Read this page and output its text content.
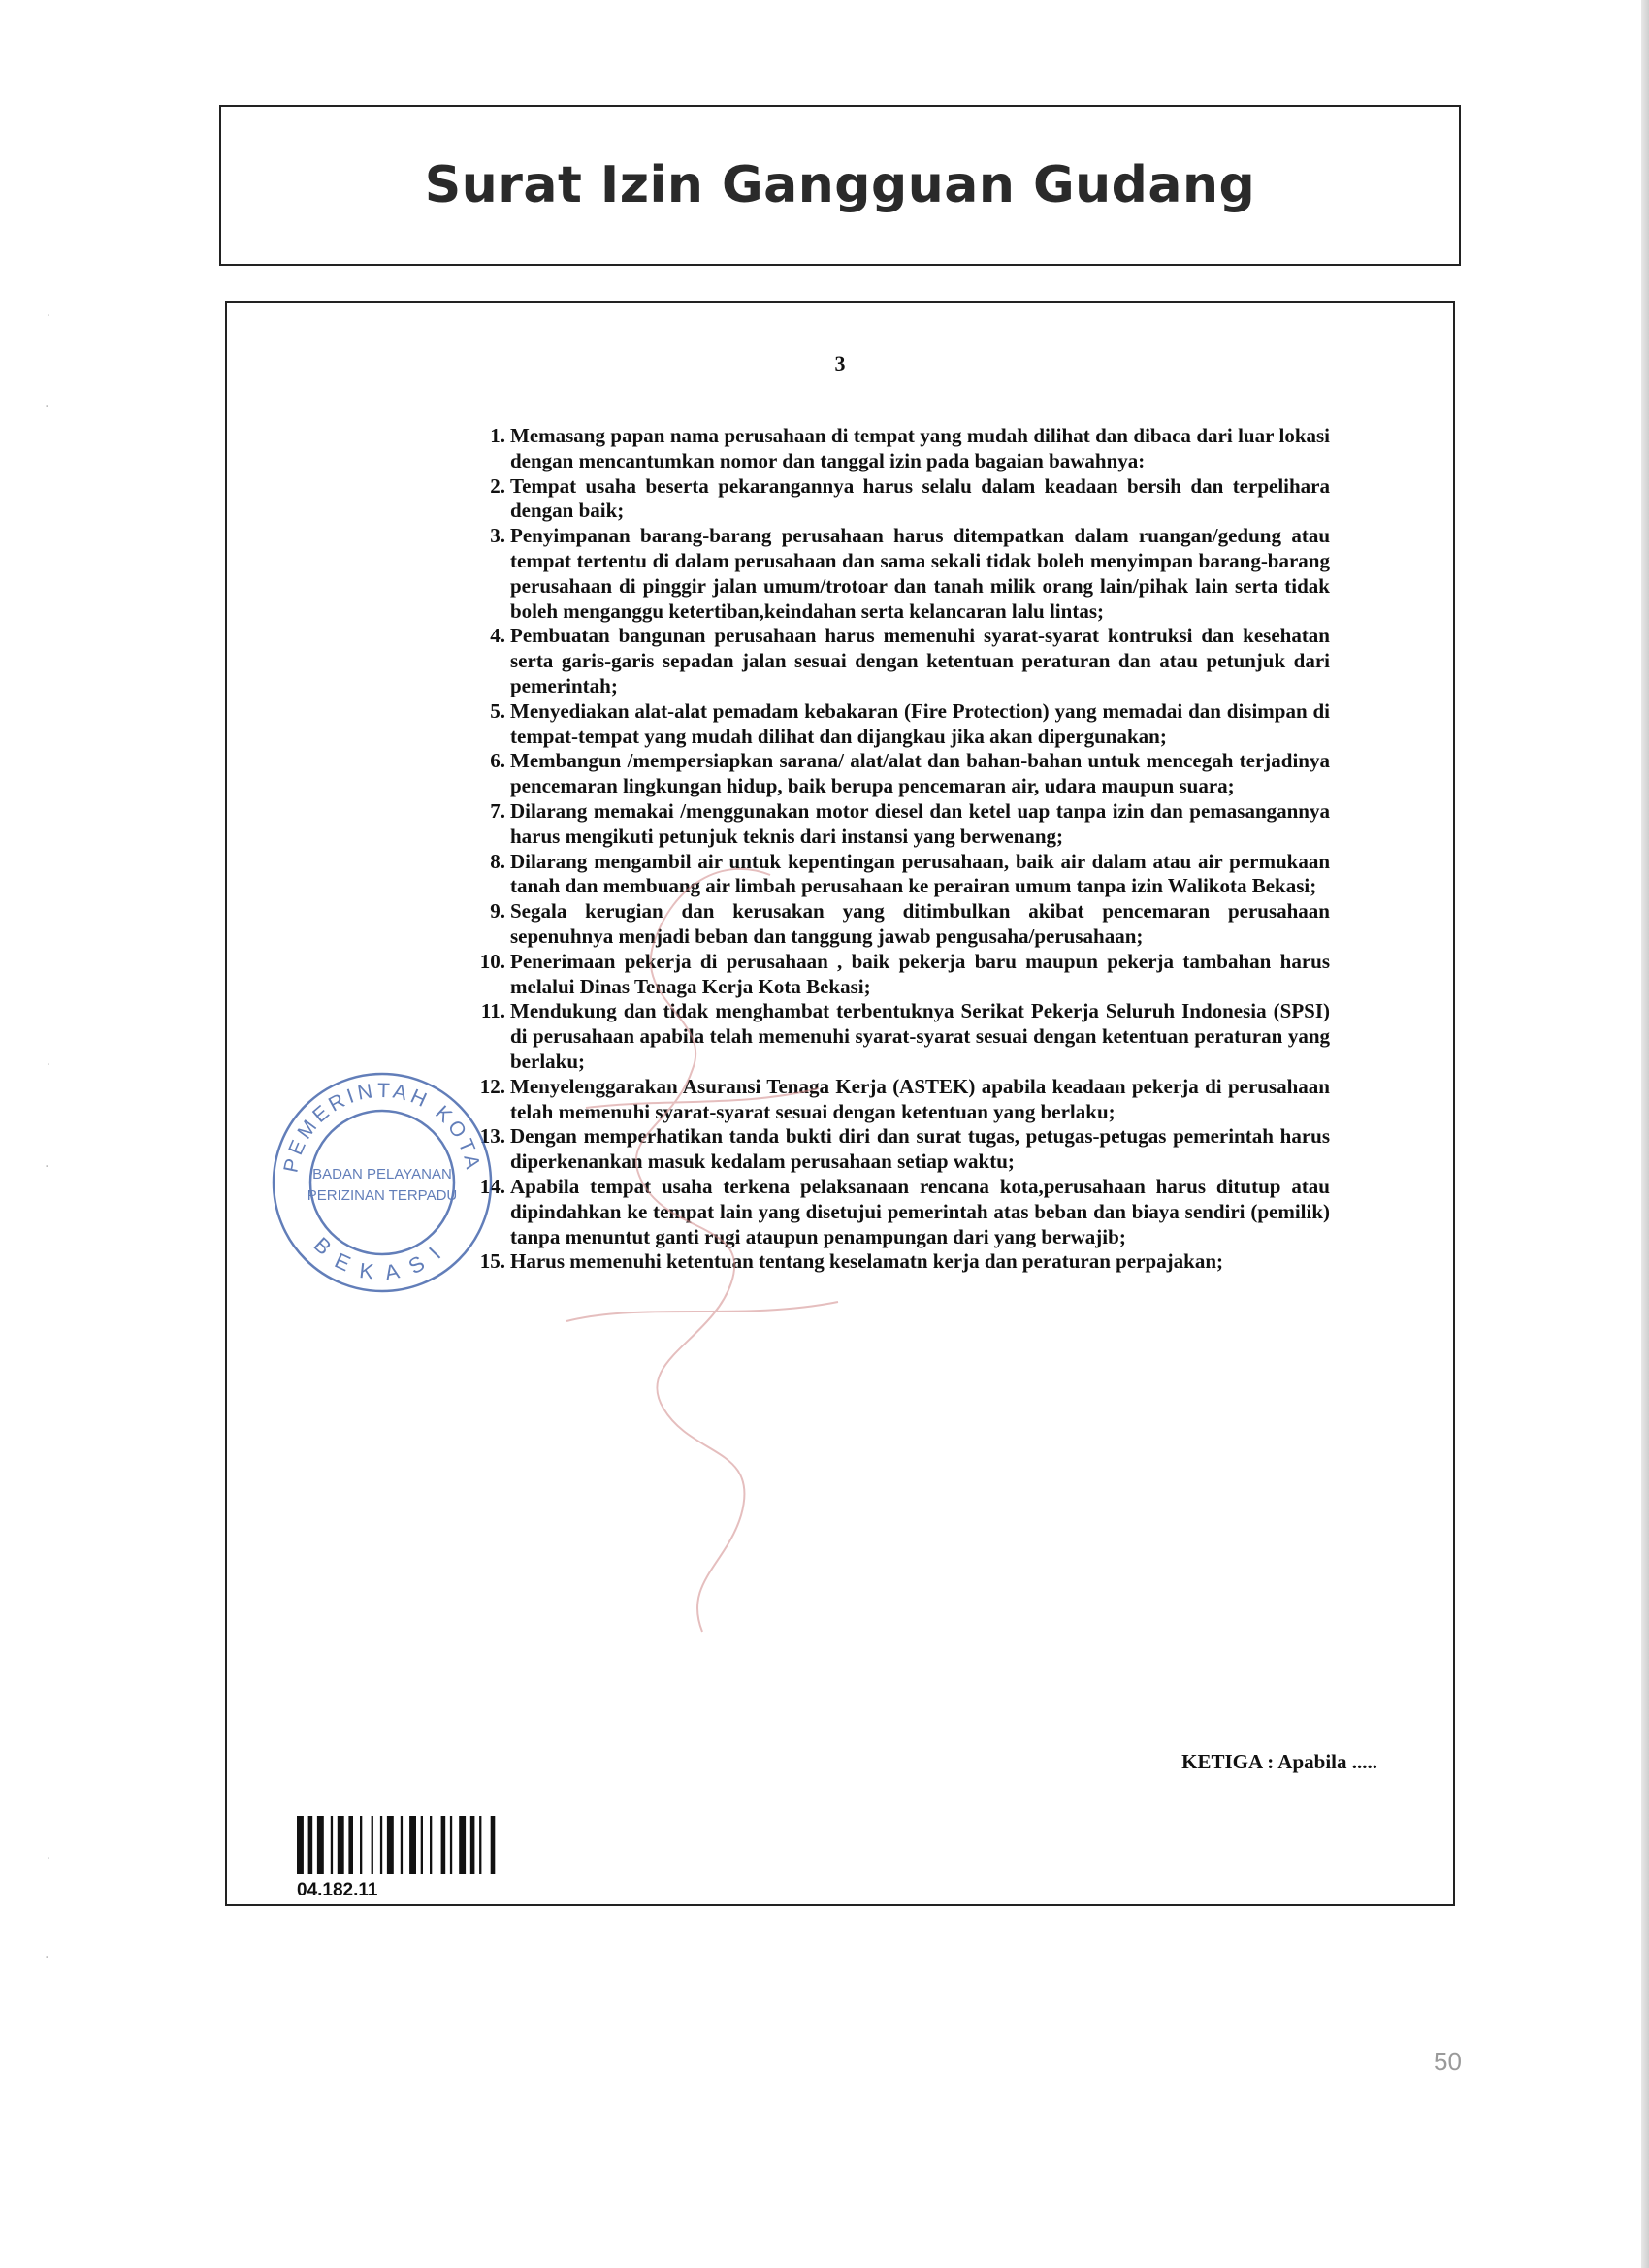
·
·
·
·
·
·
Surat Izin Gangguan Gudang
3
1. Memasang papan nama perusahaan di tempat yang mudah dilihat dan dibaca dari luar lokasi dengan mencantumkan nomor dan tanggal izin pada bagaian bawahnya:
2. Tempat usaha beserta pekarangannya harus selalu dalam keadaan bersih dan terpelihara dengan baik;
3. Penyimpanan barang-barang perusahaan harus ditempatkan dalam ruangan/gedung atau tempat tertentu di dalam perusahaan dan sama sekali tidak boleh menyimpan barang-barang perusahaan di pinggir jalan umum/trotoar dan tanah milik orang lain/pihak lain serta tidak boleh menganggu ketertiban,keindahan serta kelancaran lalu lintas;
4. Pembuatan bangunan perusahaan harus memenuhi syarat-syarat kontruksi dan kesehatan serta garis-garis sepadan jalan sesuai dengan ketentuan peraturan dan atau petunjuk dari pemerintah;
5. Menyediakan alat-alat pemadam kebakaran (Fire Protection) yang memadai dan disimpan di tempat-tempat yang mudah dilihat dan dijangkau jika akan dipergunakan;
6. Membangun /mempersiapkan sarana/ alat/alat dan bahan-bahan untuk mencegah terjadinya pencemaran lingkungan hidup, baik berupa pencemaran air, udara maupun suara;
7. Dilarang memakai /menggunakan motor diesel dan ketel uap tanpa izin dan pemasangannya harus mengikuti petunjuk teknis dari instansi yang berwenang;
8. Dilarang mengambil air untuk kepentingan perusahaan, baik air dalam atau air permukaan tanah dan membuang air limbah perusahaan ke perairan umum tanpa izin Walikota Bekasi;
9. Segala kerugian dan kerusakan yang ditimbulkan akibat pencemaran perusahaan sepenuhnya menjadi beban dan tanggung jawab pengusaha/perusahaan;
10. Penerimaan pekerja di perusahaan , baik pekerja baru maupun pekerja tambahan harus melalui Dinas Tenaga Kerja Kota Bekasi;
11. Mendukung dan tidak menghambat terbentuknya Serikat Pekerja Seluruh Indonesia (SPSI) di perusahaan apabila telah memenuhi syarat-syarat sesuai dengan ketentuan peraturan yang berlaku;
12. Menyelenggarakan Asuransi Tenaga Kerja (ASTEK) apabila keadaan pekerja di perusahaan telah memenuhi syarat-syarat sesuai dengan ketentuan yang berlaku;
13. Dengan memperhatikan tanda bukti diri dan surat tugas, petugas-petugas pemerintah harus diperkenankan masuk kedalam perusahaan setiap waktu;
14. Apabila tempat usaha terkena pelaksanaan rencana kota,perusahaan harus ditutup atau dipindahkan ke tempat lain yang disetujui pemerintah atas beban dan biaya sendiri (pemilik) tanpa menuntut ganti rugi ataupun penampungan dari yang berwajib;
15. Harus memenuhi ketentuan tentang keselamatn kerja dan peraturan perpajakan;
PEMERINTAH KOTA
BEKASI
BADAN PELAYANAN
PERIZINAN TERPADU
KETIGA : Apabila .....
04.182.11
50
